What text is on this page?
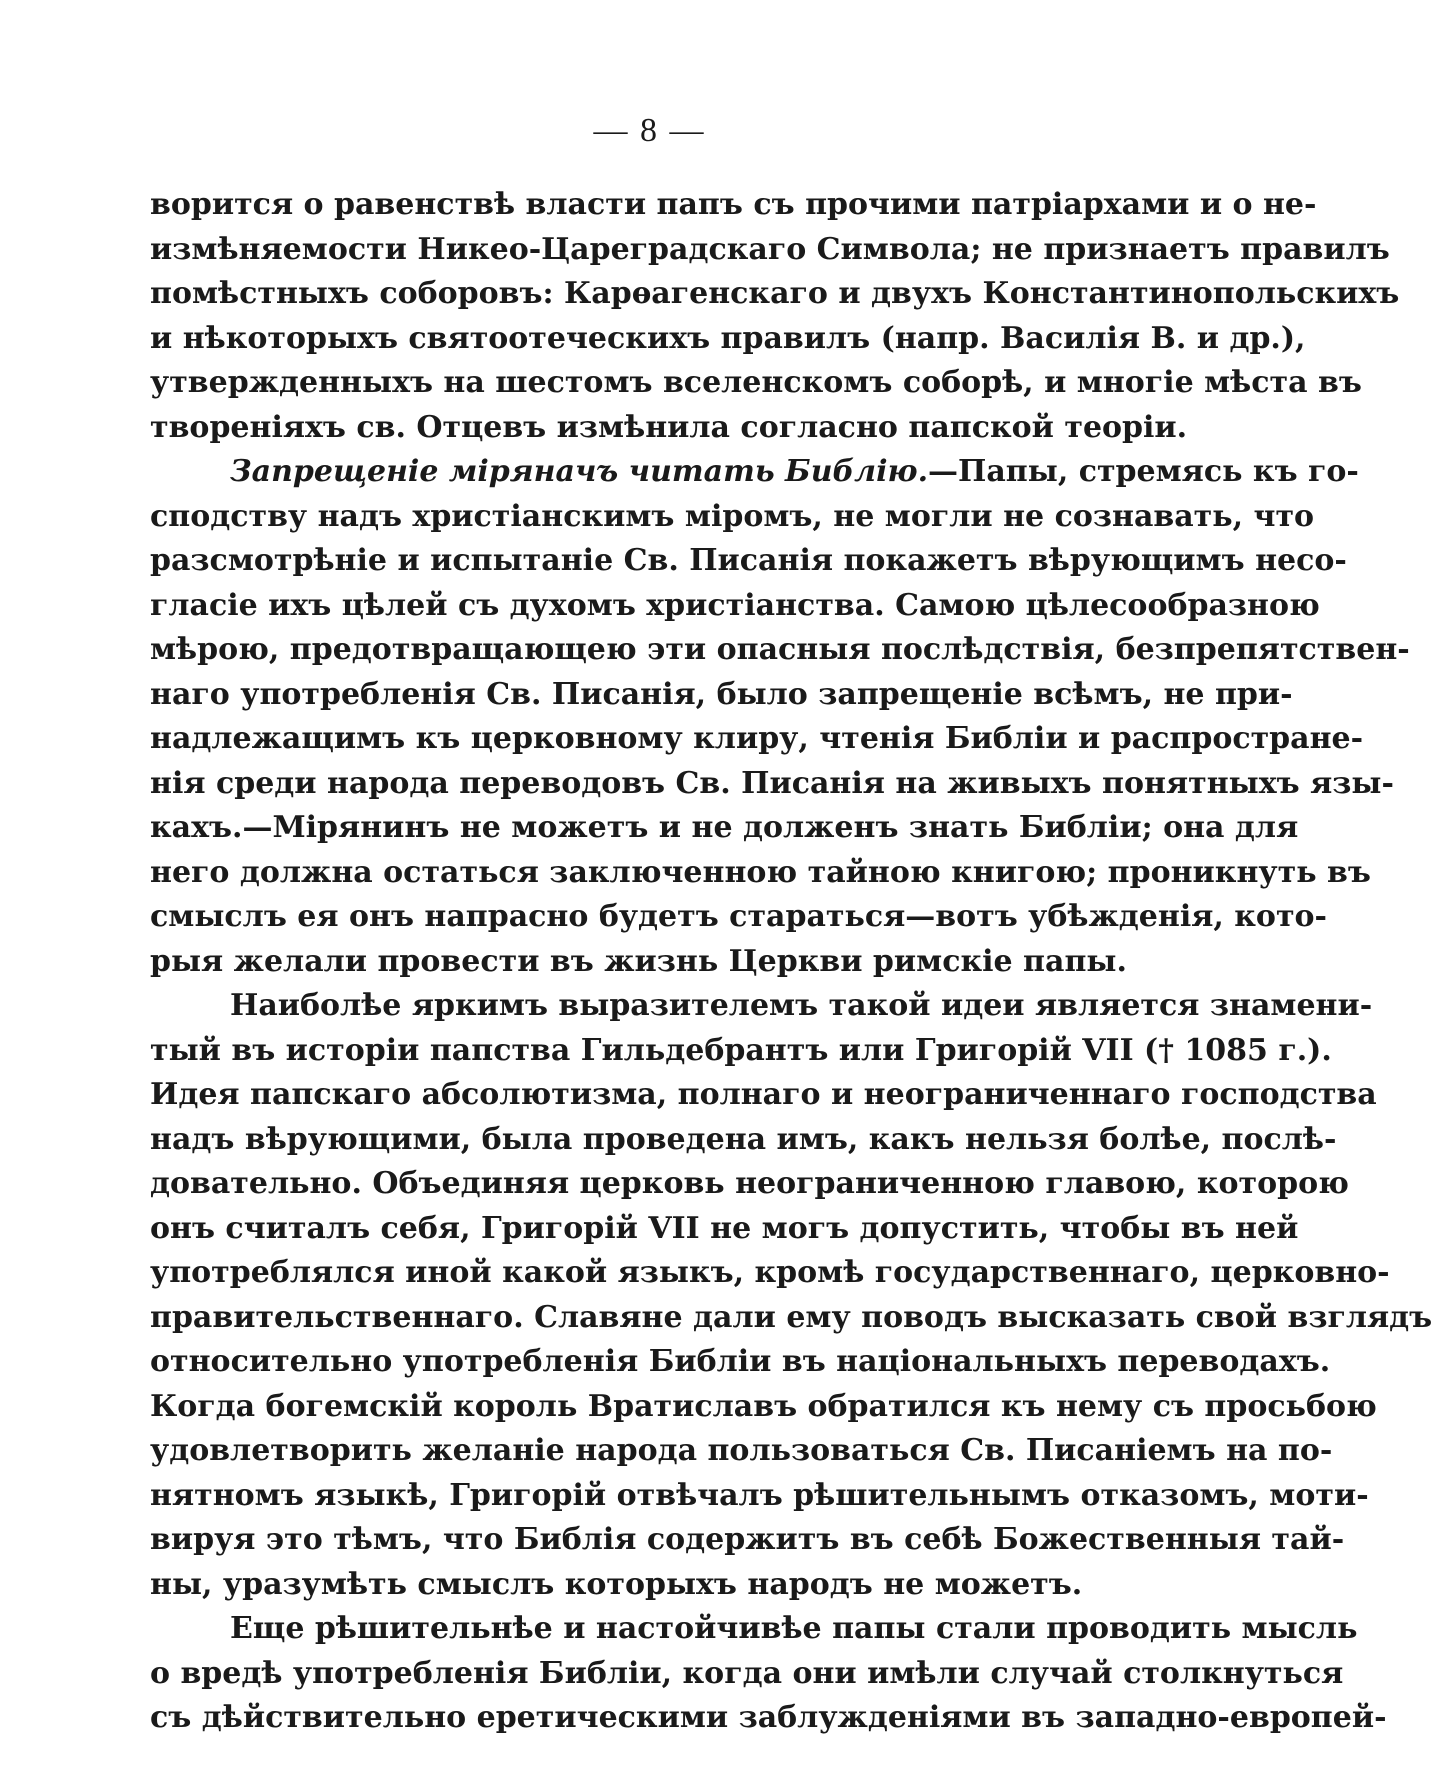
— 8 —
ворится о равенствѣ власти папъ съ прочими патріархами и о не-
измѣняемости Никео-Цареградскаго Символа; не признаетъ правилъ
помѣстныхъ соборовъ: Карѳагенскаго и двухъ Константинопольскихъ
и нѣкоторыхъ святоотеческихъ правилъ (напр. Василія В. и др.),
утвержденныхъ на шестомъ вселенскомъ соборѣ, и многіе мѣста въ
твореніяхъ св. Отцевъ измѣнила согласно папской теоріи.
Запрещеніе міряначъ читать Библію.—Папы, стремясь къ го-
сподству надъ христіанскимъ міромъ, не могли не сознавать, что
разсмотрѣніе и испытаніе Св. Писанія покажетъ вѣрующимъ несо-
гласіе ихъ цѣлей съ духомъ христіанства. Самою цѣлесообразною
мѣрою, предотвращающею эти опасныя послѣдствія, безпрепятствен-
наго употребленія Св. Писанія, было запрещеніе всѣмъ, не при-
надлежащимъ къ церковному клиру, чтенія Библіи и распростране-
нія среди народа переводовъ Св. Писанія на живыхъ понятныхъ язы-
кахъ.—Мірянинъ не можетъ и не долженъ знать Библіи; она для
него должна остаться заключенною тайною книгою; проникнуть въ
смыслъ ея онъ напрасно будетъ стараться—вотъ убѣжденія, кото-
рыя желали провести въ жизнь Церкви римскіе папы.
Наиболѣе яркимъ выразителемъ такой идеи является знамени-
тый въ исторіи папства Гильдебрантъ или Григорій VII († 1085 г.).
Идея папскаго абсолютизма, полнаго и неограниченнаго господства
надъ вѣрующими, была проведена имъ, какъ нельзя болѣе, послѣ-
довательно. Объединяя церковь неограниченною главою, которою
онъ считалъ себя, Григорій VII не могъ допустить, чтобы въ ней
употреблялся иной какой языкъ, кромѣ государственнаго, церковно-
правительственнаго. Славяне дали ему поводъ высказать свой взглядъ
относительно употребленія Библіи въ національныхъ переводахъ.
Когда богемскій король Вратиславъ обратился къ нему съ просьбою
удовлетворить желаніе народа пользоваться Св. Писаніемъ на по-
нятномъ языкѣ, Григорій отвѣчалъ рѣшительнымъ отказомъ, моти-
вируя это тѣмъ, что Библія содержитъ въ себѣ Божественныя тай-
ны, уразумѣть смыслъ которыхъ народъ не можетъ.
Еще рѣшительнѣе и настойчивѣе папы стали проводить мысль
о вредѣ употребленія Библіи, когда они имѣли случай столкнуться
съ дѣйствительно еретическими заблужденіями въ западно-европей-
